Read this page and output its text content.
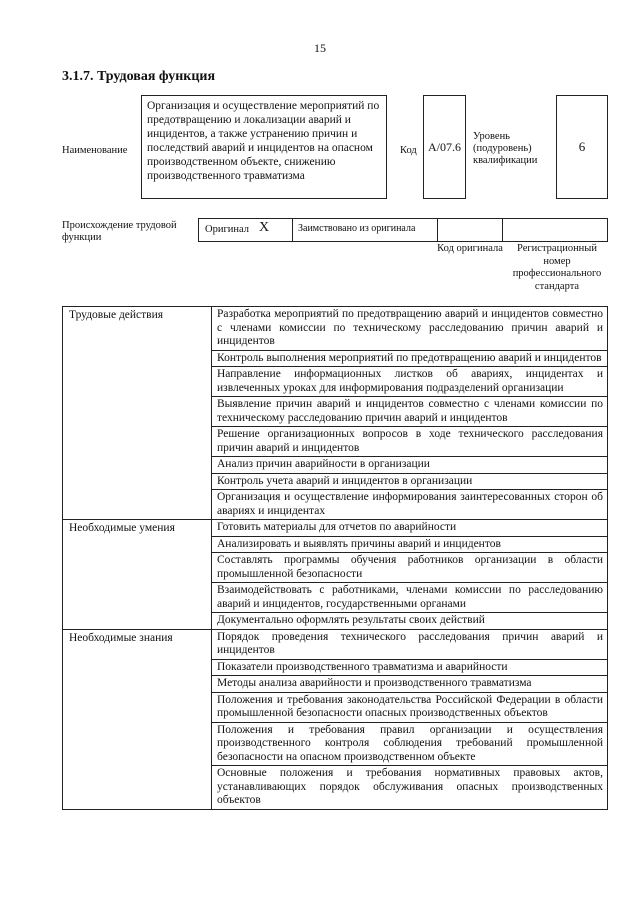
15
3.1.7. Трудовая функция
Наименование
Организация и осуществление мероприятий по предотвращению и локализации аварий и инцидентов, а также устранению причин и последствий аварий и инцидентов на опасном производственном объекте, снижению производственного травматизма
Код A/07.6
Уровень (подуровень) квалификации
6
Происхождение трудовой функции
Оригинал X	Заимствовано из оригинала
Код оригинала	Регистрационный номер профессионального стандарта
Трудовые действия	Разработка мероприятий по предотвращению аварий и инцидентов совместно с членами комиссии по техническому расследованию причин аварий и инцидентов
	Контроль выполнения мероприятий по предотвращению аварий и инцидентов
	Направление информационных листков об авариях, инцидентах и извлеченных уроках для информирования подразделений организации
	Выявление причин аварий и инцидентов совместно с членами комиссии по техническому расследованию причин аварий и инцидентов
	Решение организационных вопросов в ходе технического расследования причин аварий и инцидентов
	Анализ причин аварийности в организации
	Контроль учета аварий и инцидентов в организации
	Организация и осуществление информирования заинтересованных сторон об авариях и инцидентах
Необходимые умения	Готовить материалы для отчетов по аварийности
	Анализировать и выявлять причины аварий и инцидентов
	Составлять программы обучения работников организации в области промышленной безопасности
	Взаимодействовать с работниками, членами комиссии по расследованию аварий и инцидентов, государственными органами
	Документально оформлять результаты своих действий
Необходимые знания	Порядок проведения технического расследования причин аварий и инцидентов
	Показатели производственного травматизма и аварийности
	Методы анализа аварийности и производственного травматизма
	Положения и требования законодательства Российской Федерации в области промышленной безопасности опасных производственных объектов
	Положения и требования правил организации и осуществления производственного контроля соблюдения требований промышленной безопасности на опасном производственном объекте
	Основные положения и требования нормативных правовых актов, устанавливающих порядок обслуживания опасных производственных объектов
